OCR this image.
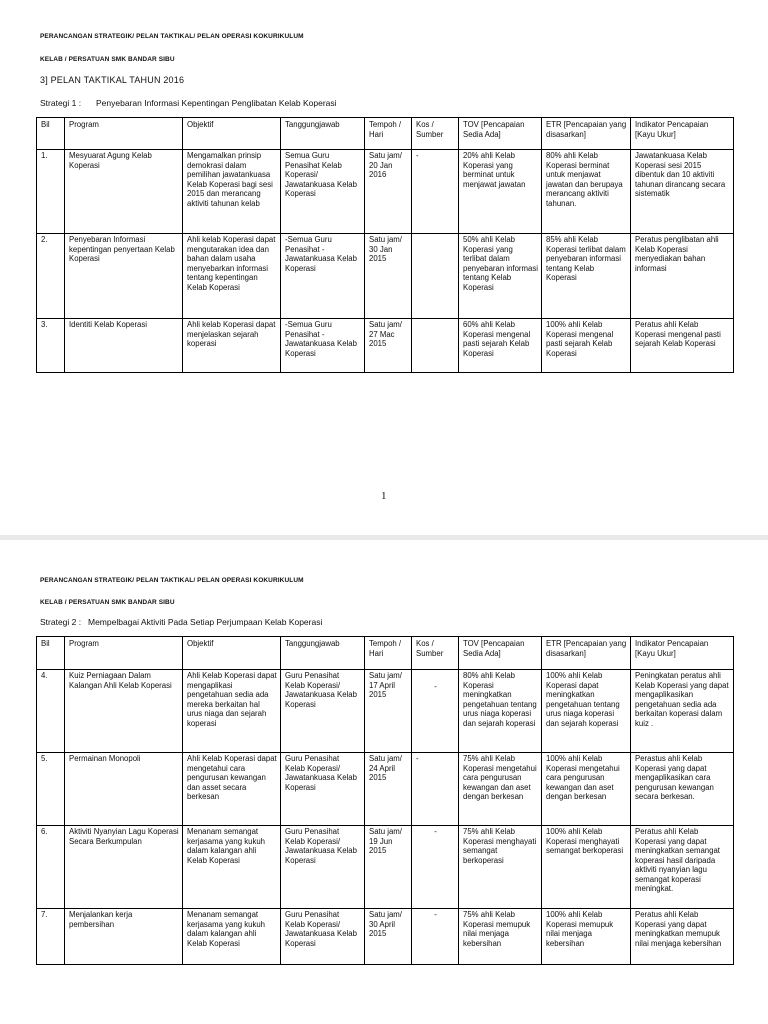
PERANCANGAN STRATEGIK/ PELAN TAKTIKAL/ PELAN OPERASI KOKURIKULUM
KELAB / PERSATUAN SMK BANDAR SIBU
3] PELAN TAKTIKAL TAHUN 2016
Strategi 1 : Penyebaran Informasi Kepentingan Penglibatan Kelab Koperasi
Bil	Program	Objektif	Tanggungjawab	Tempoh / Hari	Kos / Sumber	TOV [Pencapaian Sedia Ada]	ETR [Pencapaian yang disasarkan]	Indikator Pencapaian [Kayu Ukur]
1.	Mesyuarat Agung Kelab Koperasi	Mengamalkan prinsip demokrasi dalam pemilihan jawatankuasa Kelab Koperasi bagi sesi 2015 dan merancang aktiviti tahunan kelab	Semua Guru Penasihat Kelab Koperasi/ Jawatankuasa Kelab Koperasi	Satu jam/ 20 Jan 2016	-	20% ahli Kelab Koperasi yang berminat untuk menjawat jawatan	80% ahli Kelab Koperasi berminat untuk menjawat jawatan dan berupaya merancang aktiviti tahunan.	Jawatankuasa Kelab Koperasi sesi 2015 dibentuk dan 10 aktiviti tahunan dirancang secara sistematik
2.	Penyebaran Informasi kepentingan penyertaan Kelab Koperasi	Ahli kelab Koperasi dapat mengutarakan idea dan bahan dalam usaha menyebarkan informasi tentang kepentingan Kelab Koperasi	-Semua Guru Penasihat -Jawatankuasa Kelab Koperasi	Satu jam/ 30 Jan 2015		50% ahli Kelab Koperasi yang terlibat dalam penyebaran informasi tentang Kelab Koperasi	85% ahli Kelab Koperasi terlibat dalam penyebaran informasi tentang Kelab Koperasi	Peratus penglibatan ahli Kelab Koperasi menyediakan bahan informasi
3.	Identiti Kelab Koperasi	Ahli kelab Koperasi dapat menjelaskan sejarah koperasi	-Semua Guru Penasihat -Jawatankuasa Kelab Koperasi	Satu jam/ 27 Mac 2015		60% ahli Kelab Koperasi mengenal pasti sejarah Kelab Koperasi	100% ahli Kelab Koperasi mengenal pasti sejarah Kelab Koperasi	Peratus ahli Kelab Koperasi mengenal pasti sejarah Kelab Koperasi
1
PERANCANGAN STRATEGIK/ PELAN TAKTIKAL/ PELAN OPERASI KOKURIKULUM
KELAB / PERSATUAN SMK BANDAR SIBU
Strategi 2 : Mempelbagai Aktiviti Pada Setiap Perjumpaan Kelab Koperasi
Bil	Program	Objektif	Tanggungjawab	Tempoh / Hari	Kos / Sumber	TOV [Pencapaian Sedia Ada]	ETR [Pencapaian yang disasarkan]	Indikator Pencapaian [Kayu Ukur]
4.	Kuiz Perniagaan Dalam Kalangan Ahli Kelab Koperasi	Ahli Kelab Koperasi dapat mengaplikasi pengetahuan sedia ada mereka berkaitan hal urus niaga dan sejarah koperasi	Guru Penasihat Kelab Koperasi/ Jawatankuasa Kelab Koperasi	Satu jam/ 17 April 2015	-	80% ahli Kelab Koperasi meningkatkan pengetahuan tentang urus niaga koperasi dan sejarah koperasi	100% ahli Kelab Koperasi dapat meningkatkan pengetahuan tentang urus niaga koperasi dan sejarah koperasi	Peningkatan peratus ahli Kelab Koperasi yang dapat mengaplikasikan pengetahuan sedia ada berkaitan koperasi dalam kuiz .
5.	Permainan Monopoli	Ahli Kelab Koperasi dapat mengetahui cara pengurusan kewangan dan asset secara berkesan	Guru Penasihat Kelab Koperasi/ Jawatankuasa Kelab Koperasi	Satu jam/ 24 April 2015	-	75% ahli Kelab Koperasi mengetahui cara pengurusan kewangan dan aset dengan berkesan	100% ahli Kelab Koperasi mengetahui cara pengurusan kewangan dan aset dengan berkesan	Perastus ahli Kelab Koperasi yang dapat mengaplikasikan cara pengurusan kewangan secara berkesan.
6.	Aktiviti Nyanyian Lagu Koperasi Secara Berkumpulan	Menanam semangat kerjasama yang kukuh dalam kalangan ahli Kelab Koperasi	Guru Penasihat Kelab Koperasi/ Jawatankuasa Kelab Koperasi	Satu jam/ 19 Jun 2015	-	75% ahli Kelab Koperasi menghayati semangat berkoperasi	100% ahli Kelab Koperasi menghayati semangat berkoperasi	Peratus ahli Kelab Koperasi yang dapat meningkatkan semangat koperasi hasil daripada aktiviti nyanyian lagu semangat koperasi meningkat.
7.	Menjalankan kerja pembersihan	Menanam semangat kerjasama yang kukuh dalam kalangan ahli Kelab Koperasi	Guru Penasihat Kelab Koperasi/ Jawatankuasa Kelab Koperasi	Satu jam/ 30 April 2015	-	75% ahli Kelab Koperasi memupuk nilai menjaga kebersihan	100% ahli Kelab Koperasi memupuk nilai menjaga kebersihan	Peratus ahli Kelab Koperasi yang dapat meningkatkan memupuk nilai menjaga kebersihan
